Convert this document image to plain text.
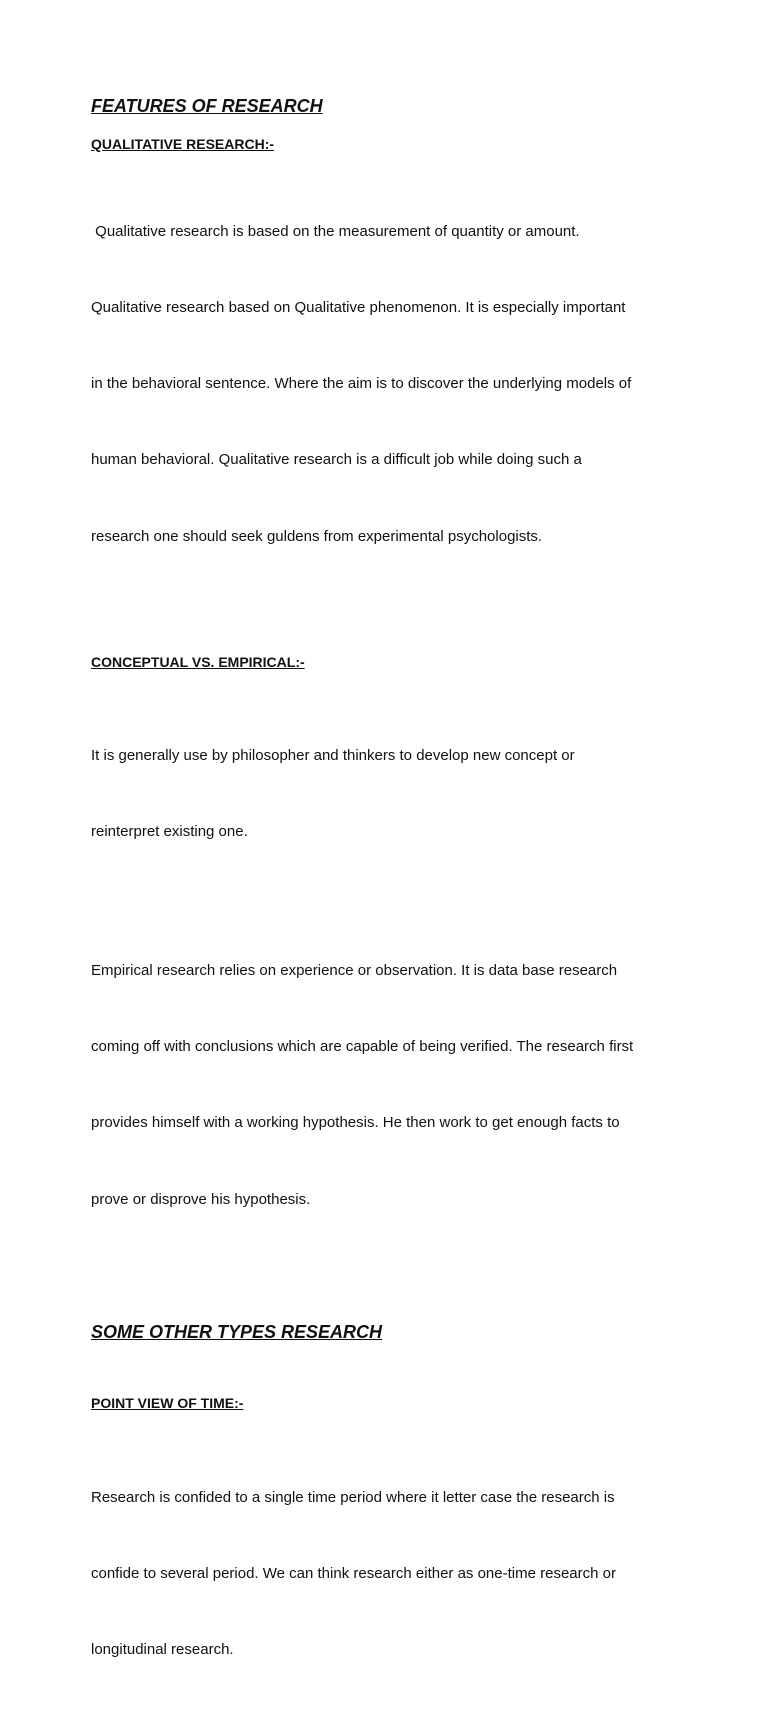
FEATURES OF RESEARCH
QUALITATIVE RESEARCH:-

Qualitative research is based on the measurement of quantity or amount.

Qualitative research based on Qualitative phenomenon. It is especially important

in the behavioral sentence. Where the aim is to discover the underlying models of

human behavioral. Qualitative research is a difficult job while doing such a

research one should seek guldens from experimental psychologists.

CONCEPTUAL VS. EMPIRICAL:-

It is generally use by philosopher and thinkers to develop new concept or

reinterpret existing one.

Empirical research relies on experience or observation. It is data base research

coming off with conclusions which are capable of being verified. The research first

provides himself with a working hypothesis. He then work to get enough facts to

prove or disprove his hypothesis.

SOME OTHER TYPES RESEARCH
POINT VIEW OF TIME:-

Research is confided to a single time period where it letter case the research is

confide to several period. We can think research either as one-time research or

longitudinal research.
